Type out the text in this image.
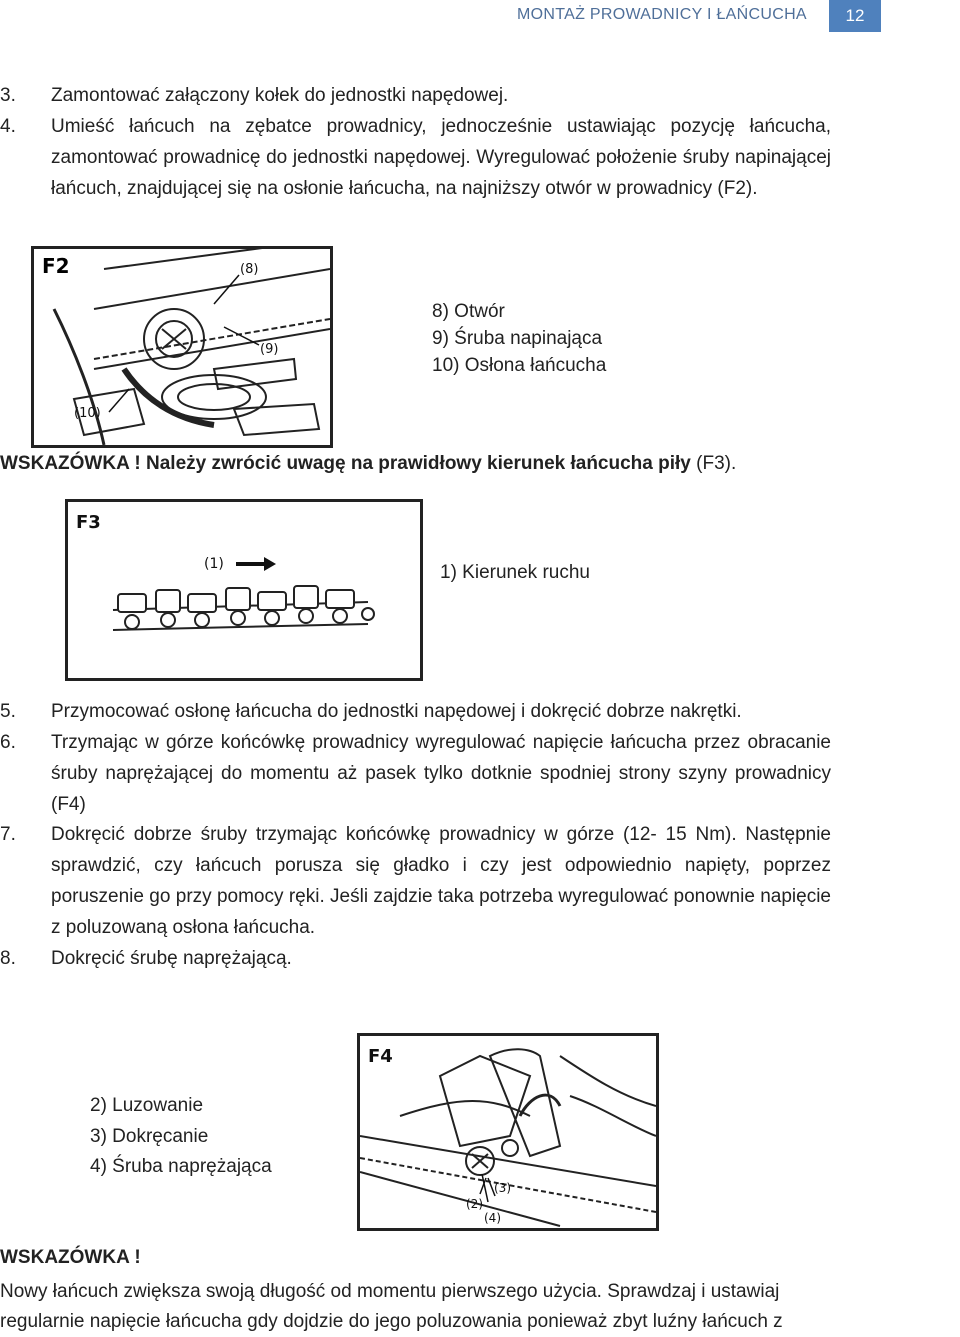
MONTAŻ PROWADNICY I ŁAŃCUCHA	12
3.	Zamontować załączony kołek do jednostki napędowej.
4.	Umieść łańcuch na zębatce prowadnicy, jednocześnie ustawiając pozycję łańcucha, zamontować prowadnicę do jednostki napędowej. Wyregulować położenie śruby napinającej łańcuch, znajdującej się na osłonie łańcucha, na najniższy otwór w prowadnicy (F2).
F2	(8)
(9)
(10)
8) Otwór
9) Śruba napinająca
10) Osłona łańcucha
WSKAZÓWKA ! Należy zwrócić uwagę na prawidłowy kierunek łańcucha piły (F3).
F3
(1)	1) Kierunek ruchu
5.	Przymocować osłonę łańcucha do jednostki napędowej i dokręcić dobrze nakrętki.
6.	Trzymając w górze końcówkę prowadnicy wyregulować napięcie łańcucha przez obracanie śruby naprężającej do momentu aż pasek tylko dotknie spodniej strony szyny prowadnicy (F4)
7.	Dokręcić dobrze śruby trzymając końcówkę prowadnicy w górze (12- 15 Nm). Następnie sprawdzić, czy łańcuch porusza się gładko i czy jest odpowiednio napięty, poprzez poruszenie go przy pomocy ręki. Jeśli zajdzie taka potrzeba wyregulować ponownie napięcie z poluzowaną osłona łańcucha.
8.	Dokręcić śrubę naprężającą.
2) Luzowanie
3) Dokręcanie
4) Śruba naprężająca
F4
(2)
(3)
(4)
WSKAZÓWKA !
Nowy łańcuch zwiększa swoją długość od momentu pierwszego użycia. Sprawdzaj i ustawiaj
regularnie napięcie łańcucha gdy dojdzie do jego poluzowania ponieważ zbyt luźny łańcuch z
